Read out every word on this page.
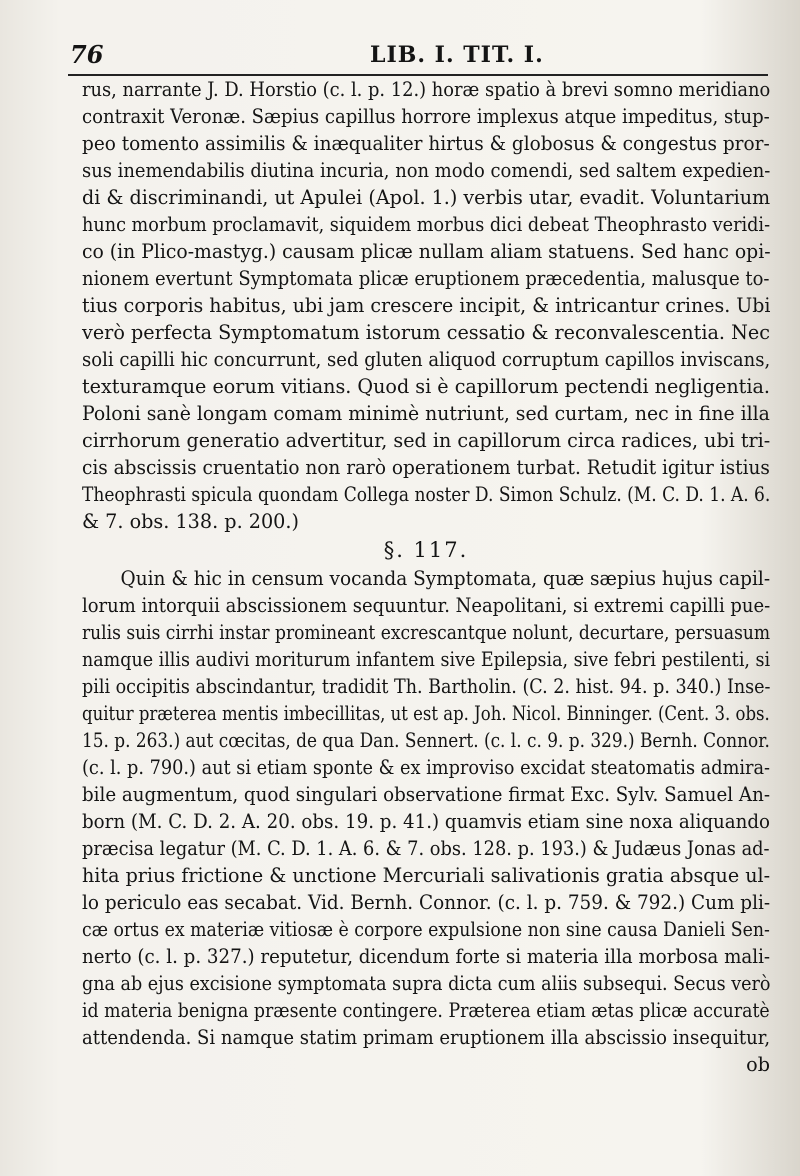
76	LIB. I. TIT. I.
rus, narrante J. D. Horstio (c. l. p. 12.) horæ spatio à brevi somno meridiano
contraxit Veronæ. Sæpius capillus horrore implexus atque impeditus, stup-
peo tomento assimilis & inæqualiter hirtus & globosus & congestus pror-
sus inemendabilis diutina incuria, non modo comendi, sed saltem expedien-
di & discriminandi, ut Apulei (Apol. 1.) verbis utar, evadit. Voluntarium
hunc morbum proclamavit, siquidem morbus dici debeat Theophrasto veridi-
co (in Plico-mastyg.) causam plicæ nullam aliam statuens. Sed hanc opi-
nionem evertunt Symptomata plicæ eruptionem præcedentia, malusque to-
tius corporis habitus, ubi jam crescere incipit, & intricantur crines. Ubi
verò perfecta Symptomatum istorum cessatio & reconvalescentia. Nec
soli capilli hic concurrunt, sed gluten aliquod corruptum capillos inviscans,
texturamque eorum vitians. Quod si è capillorum pectendi negligentia.
Poloni sanè longam comam minimè nutriunt, sed curtam, nec in fine illa
cirrhorum generatio advertitur, sed in capillorum circa radices, ubi tri-
cis abscissis cruentatio non rarò operationem turbat. Retudit igitur istius
Theophrasti spicula quondam Collega noster D. Simon Schulz. (M. C. D. 1. A. 6.
& 7. obs. 138. p. 200.)
§. 117.
Quin & hic in censum vocanda Symptomata, quæ sæpius hujus capil-
lorum intorquii abscissionem sequuntur. Neapolitani, si extremi capilli pue-
rulis suis cirrhi instar promineant excrescantque nolunt, decurtare, persuasum
namque illis audivi moriturum infantem sive Epilepsia, sive febri pestilenti, si
pili occipitis abscindantur, tradidit Th. Bartholin. (C. 2. hist. 94. p. 340.) Inse-
quitur præterea mentis imbecillitas, ut est ap. Joh. Nicol. Binninger. (Cent. 3. obs.
15. p. 263.) aut cœcitas, de qua Dan. Sennert. (c. l. c. 9. p. 329.) Bernh. Connor.
(c. l. p. 790.) aut si etiam sponte & ex improviso excidat steatomatis admira-
bile augmentum, quod singulari observatione firmat Exc. Sylv. Samuel An-
born (M. C. D. 2. A. 20. obs. 19. p. 41.) quamvis etiam sine noxa aliquando
præcisa legatur (M. C. D. 1. A. 6. & 7. obs. 128. p. 193.) & Judæus Jonas ad-
hita prius frictione & unctione Mercuriali salivationis gratia absque ul-
lo periculo eas secabat. Vid. Bernh. Connor. (c. l. p. 759. & 792.) Cum pli-
cæ ortus ex materiæ vitiosæ è corpore expulsione non sine causa Danieli Sen-
nerto (c. l. p. 327.) reputetur, dicendum forte si materia illa morbosa mali-
gna ab ejus excisione symptomata supra dicta cum aliis subsequi. Secus verò
id materia benigna præsente contingere. Præterea etiam ætas plicæ accuratè
attendenda. Si namque statim primam eruptionem illa abscissio insequitur,
ob
